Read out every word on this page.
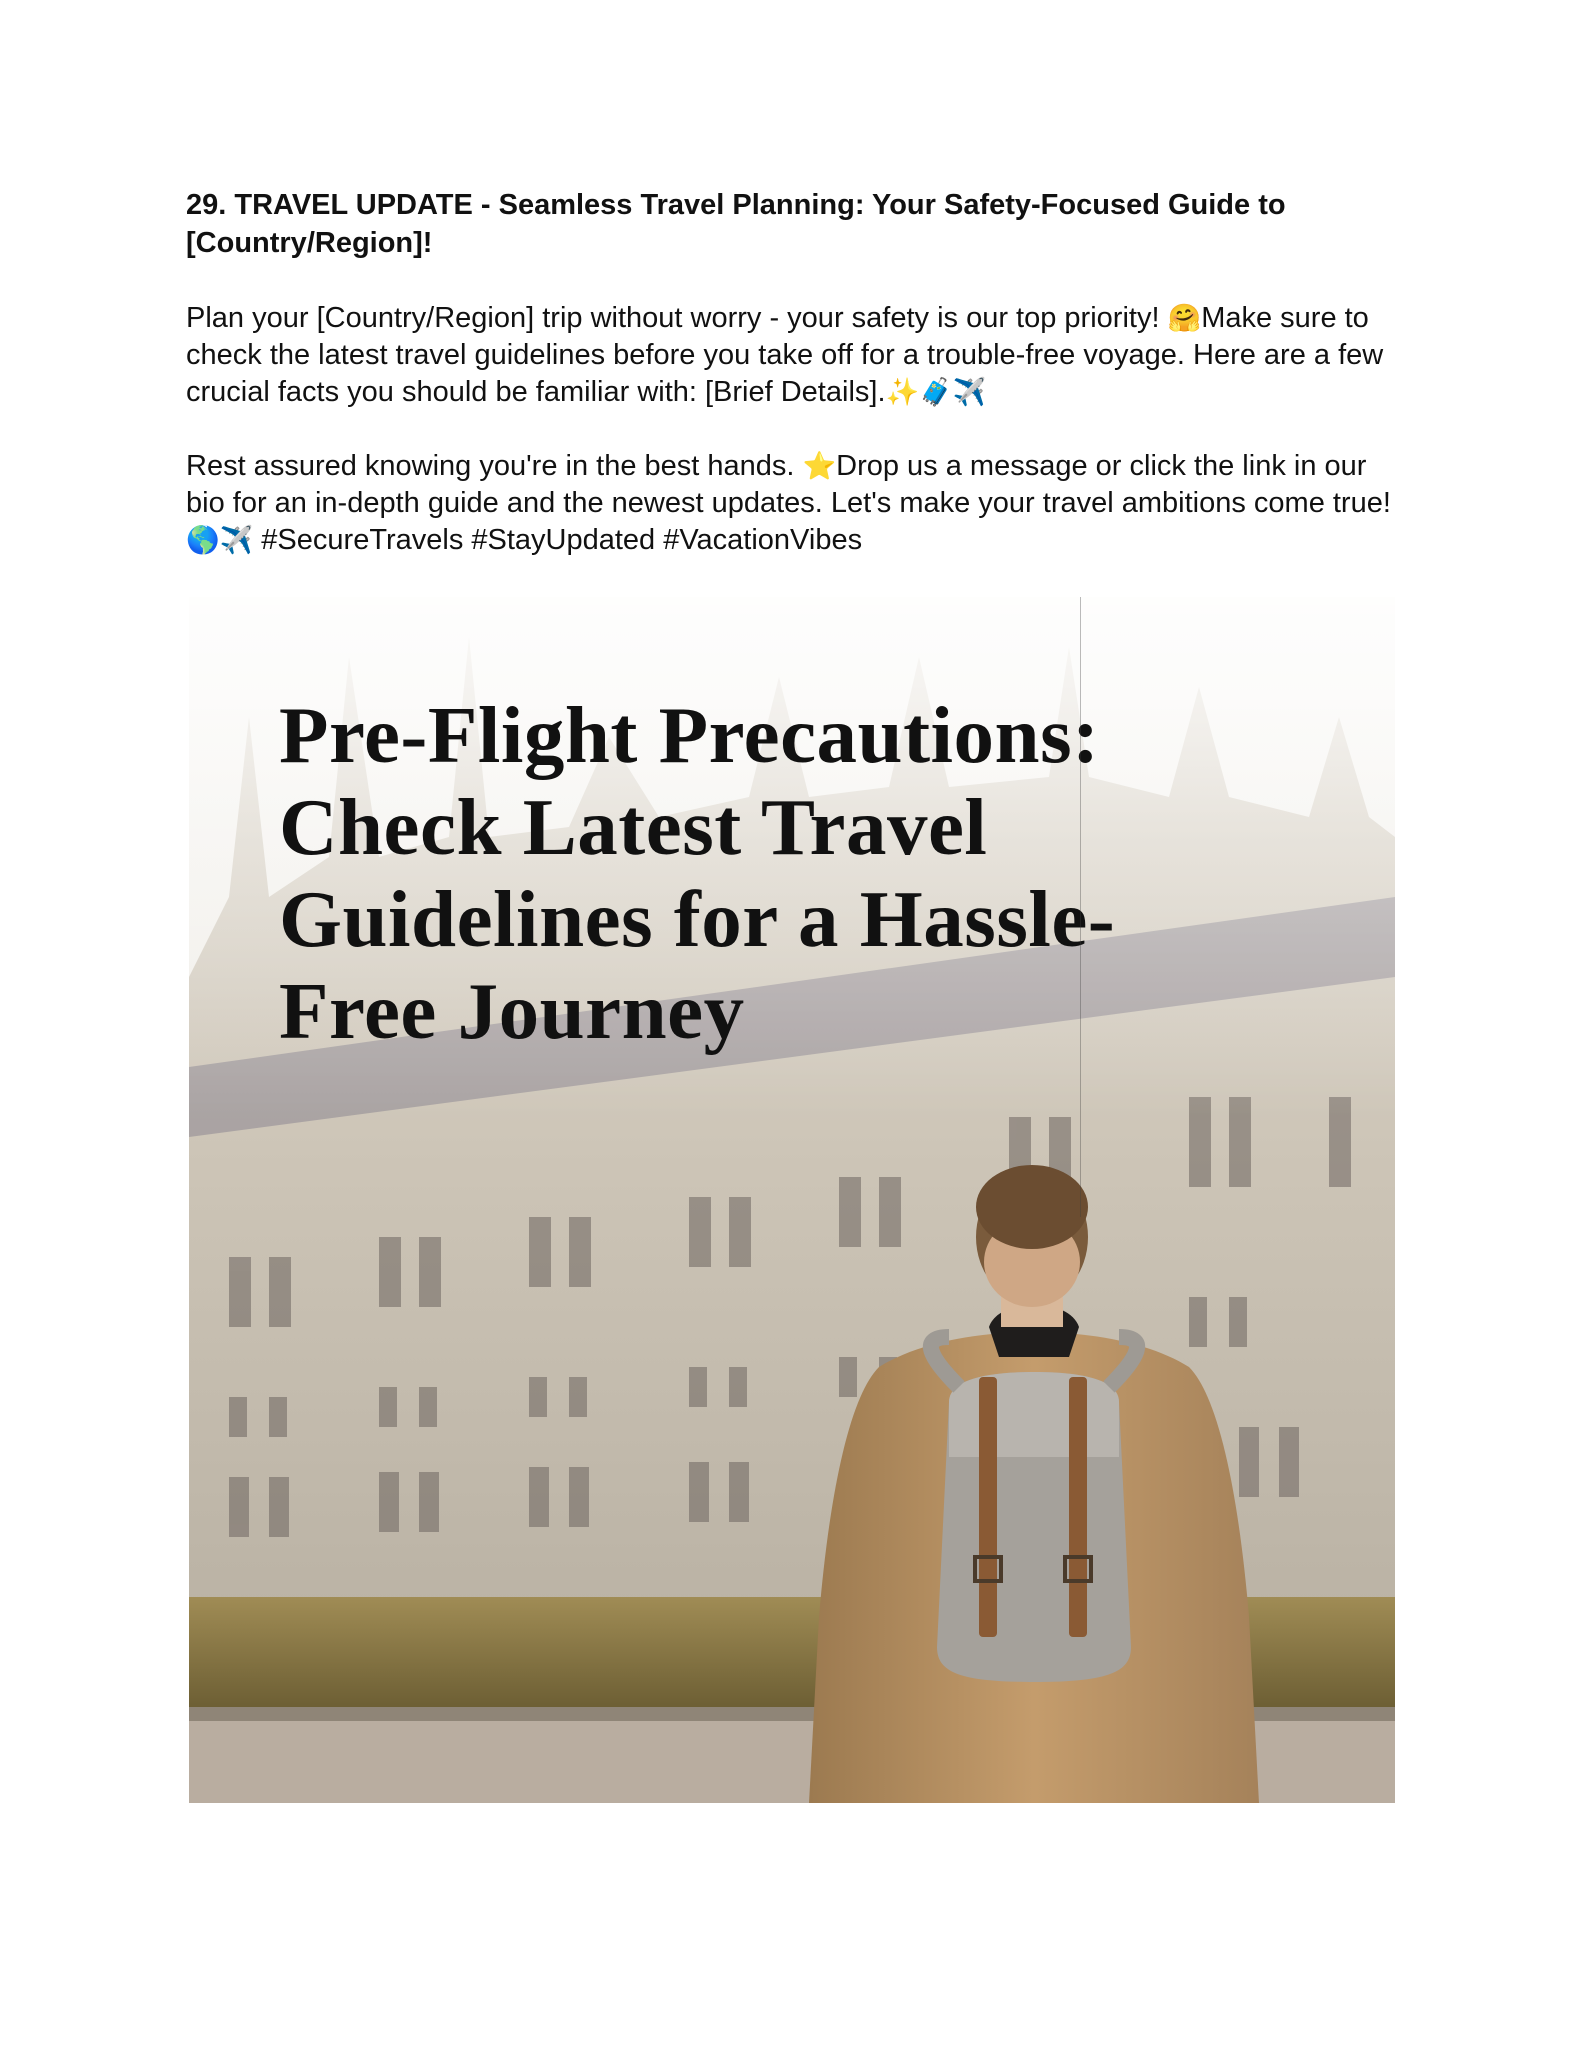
29. TRAVEL UPDATE - Seamless Travel Planning: Your Safety-Focused Guide to [Country/Region]!

Plan your [Country/Region] trip without worry - your safety is our top priority! 🤗Make sure to check the latest travel guidelines before you take off for a trouble-free voyage. Here are a few crucial facts you should be familiar with: [Brief Details].✨🧳✈️

Rest assured knowing you're in the best hands. ⭐Drop us a message or click the link in our bio for an in-depth guide and the newest updates. Let's make your travel ambitions come true! 🌎✈️ #SecureTravels #StayUpdated #VacationVibes

Pre-Flight Precautions:
Check Latest Travel
Guidelines for a Hassle-
Free Journey
